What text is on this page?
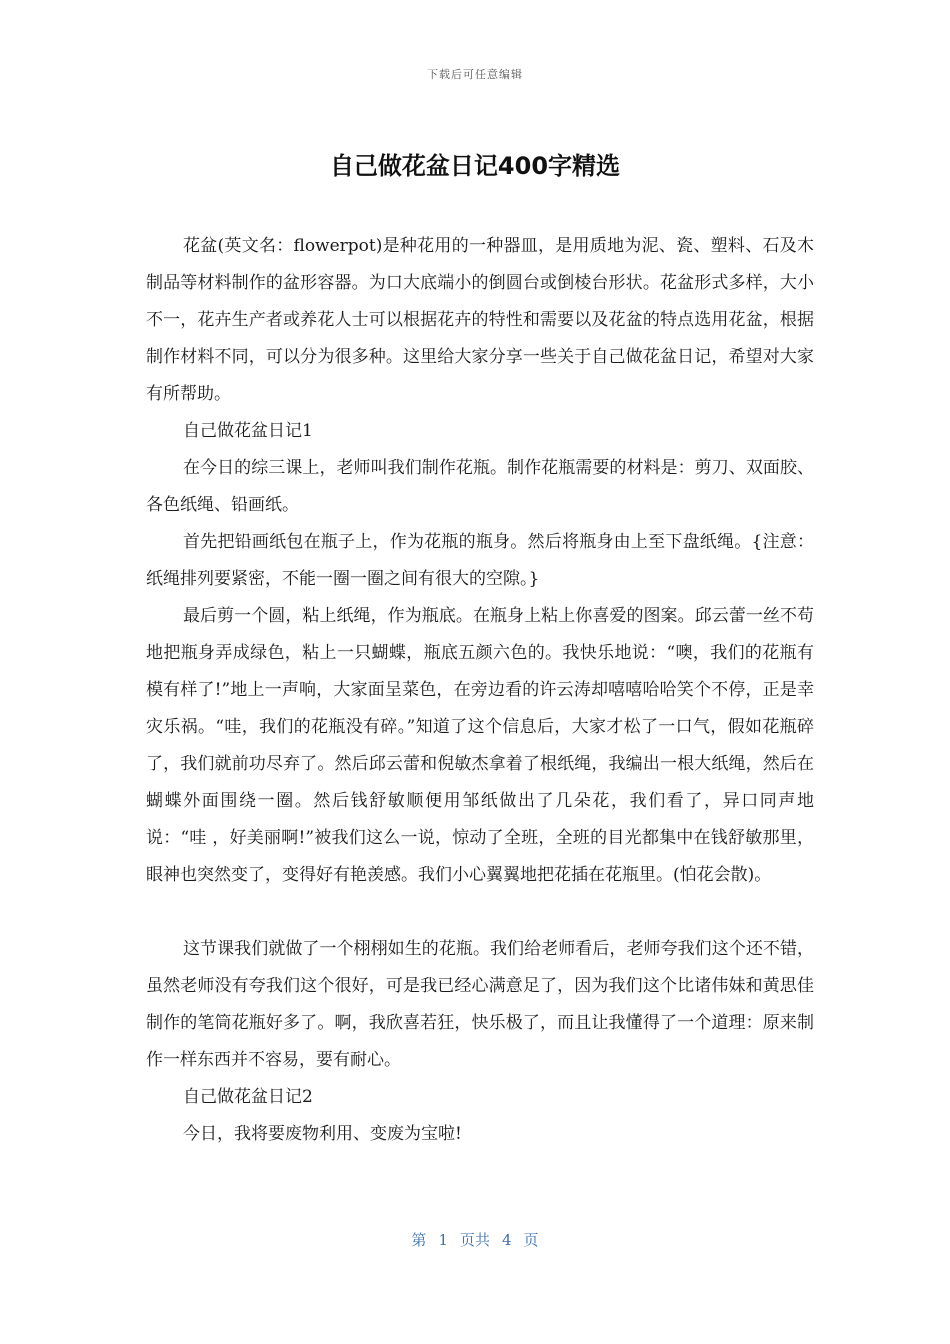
下载后可任意编辑
自己做花盆日记400字精选

花盆(英文名：flowerpot)是种花用的一种器皿，是用质地为泥、瓷、塑料、石及木制品等材料制作的盆形容器。为口大底端小的倒圆台或倒棱台形状。花盆形式多样，大小不一，花卉生产者或养花人士可以根据花卉的特性和需要以及花盆的特点选用花盆，根据制作材料不同，可以分为很多种。这里给大家分享一些关于自己做花盆日记，希望对大家有所帮助。

自己做花盆日记1

在今日的综三课上，老师叫我们制作花瓶。制作花瓶需要的材料是：剪刀、双面胶、各色纸绳、铅画纸。

首先把铅画纸包在瓶子上，作为花瓶的瓶身。然后将瓶身由上至下盘纸绳。{注意：纸绳排列要紧密，不能一圈一圈之间有很大的空隙。}

最后剪一个圆，粘上纸绳，作为瓶底。在瓶身上粘上你喜爱的图案。邱云蕾一丝不苟地把瓶身弄成绿色，粘上一只蝴蝶，瓶底五颜六色的。我快乐地说：“噢，我们的花瓶有模有样了!”地上一声响，大家面呈菜色，在旁边看的许云涛却嘻嘻哈哈笑个不停，正是幸灾乐祸。“哇，我们的花瓶没有碎。”知道了这个信息后，大家才松了一口气，假如花瓶碎了，我们就前功尽弃了。然后邱云蕾和倪敏杰拿着了根纸绳，我编出一根大纸绳，然后在蝴蝶外面围绕一圈。然后钱舒敏顺便用邹纸做出了几朵花，我们看了，异口同声地说：“哇 ，好美丽啊!”被我们这么一说，惊动了全班，全班的目光都集中在钱舒敏那里，眼神也突然变了，变得好有艳羡感。我们小心翼翼地把花插在花瓶里。(怕花会散)。

这节课我们就做了一个栩栩如生的花瓶。我们给老师看后，老师夸我们这个还不错，虽然老师没有夸我们这个很好，可是我已经心满意足了，因为我们这个比诸伟妹和黄思佳制作的笔筒花瓶好多了。啊，我欣喜若狂，快乐极了，而且让我懂得了一个道理：原来制作一样东西并不容易，要有耐心。

自己做花盆日记2

今日，我将要废物利用、变废为宝啦!

第 1 页共 4 页
